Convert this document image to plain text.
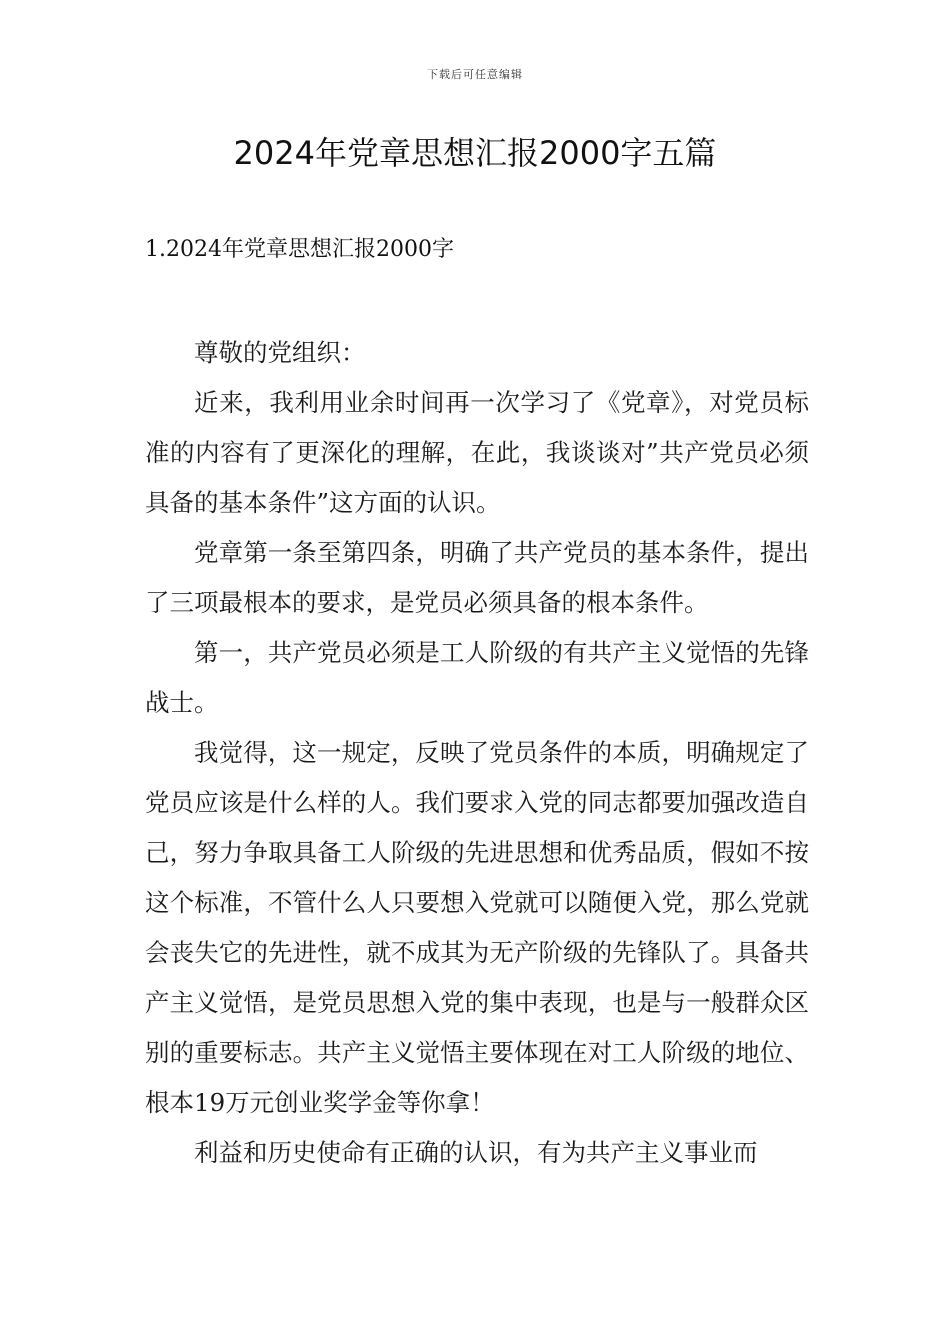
下载后可任意编辑
2024年党章思想汇报2000字五篇
1.2024年党章思想汇报2000字

尊敬的党组织：

近来，我利用业余时间再一次学习了《党章》，对党员标准的内容有了更深化的理解，在此，我谈谈对”共产党员必须具备的基本条件”这方面的认识。

党章第一条至第四条，明确了共产党员的基本条件，提出了三项最根本的要求，是党员必须具备的根本条件。

第一，共产党员必须是工人阶级的有共产主义觉悟的先锋战士。

我觉得，这一规定，反映了党员条件的本质，明确规定了党员应该是什么样的人。我们要求入党的同志都要加强改造自己，努力争取具备工人阶级的先进思想和优秀品质，假如不按这个标准，不管什么人只要想入党就可以随便入党，那么党就会丧失它的先进性，就不成其为无产阶级的先锋队了。具备共产主义觉悟，是党员思想入党的集中表现，也是与一般群众区别的重要标志。共产主义觉悟主要体现在对工人阶级的地位、根本19万元创业奖学金等你拿！

利益和历史使命有正确的认识，有为共产主义事业而
